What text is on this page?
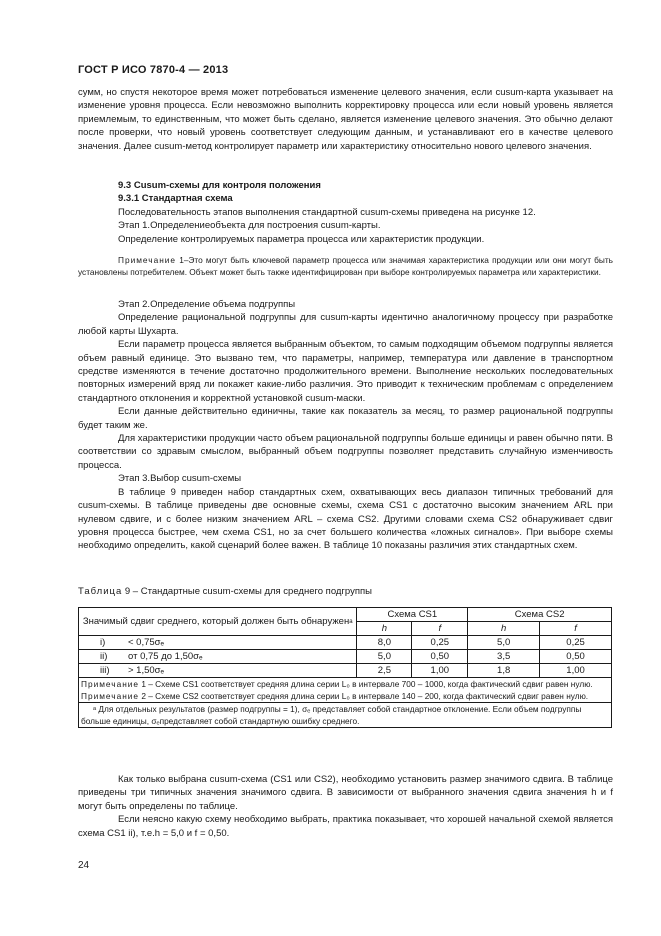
ГОСТ Р ИСО 7870-4 — 2013

сумм, но спустя некоторое время может потребоваться изменение целевого значения, если cusum-карта указывает на изменение уровня процесса. Если невозможно выполнить корректировку процесса или если новый уровень является приемлемым, то единственным, что может быть сделано, является изменение целевого значения. Это обычно делают после проверки, что новый уровень соответствует следующим данным, и устанавливают его в качестве целевого значения. Далее cusum-метод контролирует параметр или характеристику относительно нового целевого значения.

9.3 Cusum-схемы для контроля положения

9.3.1 Стандартная схема

Последовательность этапов выполнения стандартной cusum-схемы приведена на рисунке 12.

Этап 1.Определениеобъекта для построения cusum-карты.

Определение контролируемых параметра процесса или характеристик продукции.

Примечание 1–Это могут быть ключевой параметр процесса или значимая характеристика продукции или они могут быть установлены потребителем. Объект может быть также идентифицирован при выборе контролируемых параметра или характеристики.

Этап 2.Определение объема подгруппы

Определение рациональной подгруппы для cusum-карты идентично аналогичному процессу при разработке любой карты Шухарта.

Если параметр процесса является выбранным объектом, то самым подходящим объемом подгруппы является объем равный единице. Это вызвано тем, что параметры, например, температура или давление в транспортном средстве изменяются в течение достаточно продолжительного времени. Выполнение нескольких последовательных повторных измерений вряд ли покажет какие-либо различия. Это приводит к техническим проблемам с определением стандартного отклонения и корректной установкой cusum-маски.

Если данные действительно единичны, такие как показатель за месяц, то размер рациональной подгруппы будет таким же.

Для характеристики продукции часто объем рациональной подгруппы больше единицы и равен обычно пяти. В соответствии со здравым смыслом, выбранный объем подгруппы позволяет представить случайную изменчивость процесса.

Этап 3.Выбор cusum-схемы

В таблице 9 приведен набор стандартных схем, охватывающих весь диапазон типичных требований для cusum-схемы. В таблице приведены две основные схемы, схема CS1 с достаточно высоким значением ARL при нулевом сдвиге, и с более низким значением ARL – схема CS2. Другими словами схема CS2 обнаруживает сдвиг уровня процесса быстрее, чем схема CS1, но за счет большего количества «ложных сигналов». При выборе схемы необходимо определить, какой сценарий более важен. В таблице 10 показаны различия этих стандартных схем.

Таблица 9 – Стандартные cusum-схемы для среднего подгруппы
Значимый сдвиг среднего, который должен быть обнаружен$^a$	Схема CS1		Схема CS2	
	h	f	h	f
i) < 0,75σₑ	8,0	0,25	5,0	0,25
ii) от 0,75 до 1,50σₑ	5,0	0,50	3,5	0,50
iii) > 1,50σₑ	2,5	1,00	1,8	1,00

Примечание 1 – Схеме CS1 соответствует средняя длина серии L₀ в интервале 700 – 1000, когда фактический сдвиг равен нулю.
Примечание 2 – Схеме CS2 соответствует средняя длина серии L₀ в интервале 140 – 200, когда фактический сдвиг равен нулю.				

ᵃ Для отдельных результатов (размер подгруппы = 1), σₑ представляет собой стандартное отклонение. Если объем подгруппы больше единицы, σₑпредставляет собой стандартную ошибку среднего.				

Как только выбрана cusum-схема (CS1 или CS2), необходимо установить размер значимого сдвига. В таблице приведены три типичных значения значимого сдвига. В зависимости от выбранного значения сдвига значения h и f могут быть определены по таблице.

Если неясно какую схему необходимо выбрать, практика показывает, что хорошей начальной схемой является схема CS1 ii), т.е.h = 5,0 и f = 0,50.

24
